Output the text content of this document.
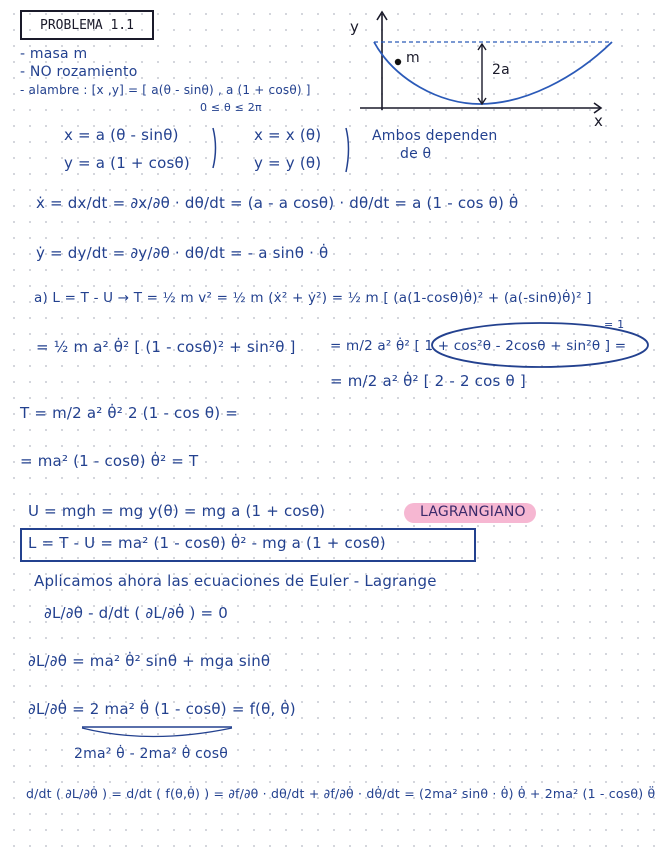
PROBLEMA 1.1
- masa m
- NO rozamiento
- alambre : [x ,y] = [ a(θ - sinθ) , a (1 + cosθ) ]
0 ≤ θ ≤ 2π
y
x
m
2a
x = a (θ - sinθ)
y = a (1 + cosθ)
x = x (θ)
y = y (θ)
Ambos dependen
de θ
ẋ = dx/dt = ∂x/∂θ · dθ/dt = (a - a cosθ) · dθ/dt = a (1 - cos θ) θ̇
ẏ = dy/dt = ∂y/∂θ · dθ/dt = - a sinθ · θ̇
a) L = T - U → T = ½ m v² = ½ m (ẋ² + ẏ²) = ½ m [ (a(1-cosθ)θ̇)² + (a(-sinθ)θ̇)² ]
= 1
= ½ m a² θ̇² [ (1 - cosθ)² + sin²θ ]	= m/2 a² θ̇² [ 1 + cos²θ - 2cosθ + sin²θ ] =
= m/2 a² θ̇² [ 2 - 2 cos θ ]
T = m/2 a² θ̇² 2 (1 - cos θ) =
= ma² (1 - cosθ) θ̇² = T
U = mgh = mg y(θ) = mg a (1 + cosθ)	LAGRANGIANO
L = T - U = ma² (1 - cosθ) θ̇² - mg a (1 + cosθ)
Aplicamos ahora las ecuaciones de Euler - Lagrange
∂L/∂θ - d/dt ( ∂L/∂θ̇ ) = 0
∂L/∂θ = ma² θ̇² sinθ + mga sinθ
∂L/∂θ̇ = 2 ma² θ̇ (1 - cosθ) = f(θ, θ̇)
2ma² θ̇ - 2ma² θ̇ cosθ
d/dt ( ∂L/∂θ̇ ) = d/dt ( f(θ,θ̇) ) = ∂f/∂θ · dθ/dt + ∂f/∂θ̇ · dθ̇/dt = (2ma² sinθ · θ̇) θ̇ + 2ma² (1 - cosθ) θ̈
